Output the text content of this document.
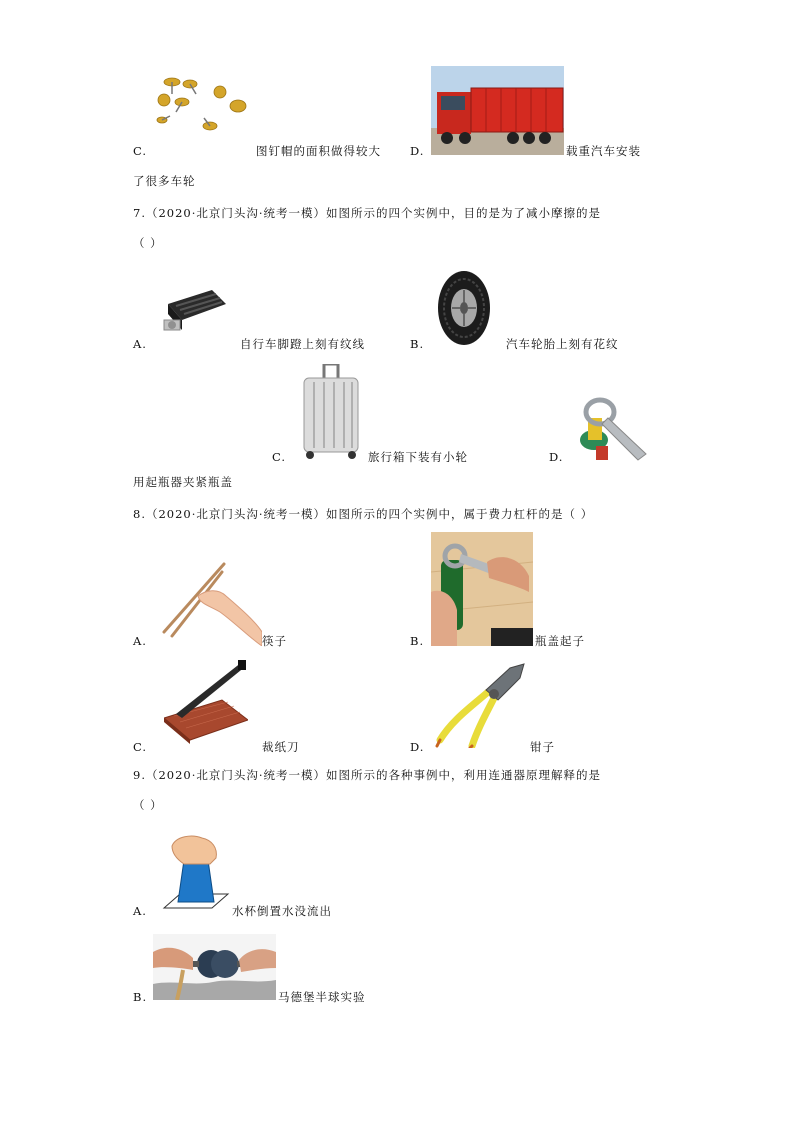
C.	图钉帽的面积做得较大	D.	载重汽车安装
了很多车轮
7.（2020·北京门头沟·统考一模）如图所示的四个实例中，目的是为了减小摩擦的是
（ ）
A.	自行车脚蹬上刻有纹线	B.	汽车轮胎上刻有花纹
C.	旅行箱下装有小轮	D.
用起瓶器夹紧瓶盖
8.（2020·北京门头沟·统考一模）如图所示的四个实例中，属于费力杠杆的是（ ）
A.	筷子	B.	瓶盖起子
C.	裁纸刀	D.	钳子
9.（2020·北京门头沟·统考一模）如图所示的各种事例中，利用连通器原理解释的是
（ ）
A.	水杯倒置水没流出
B.	马德堡半球实验
